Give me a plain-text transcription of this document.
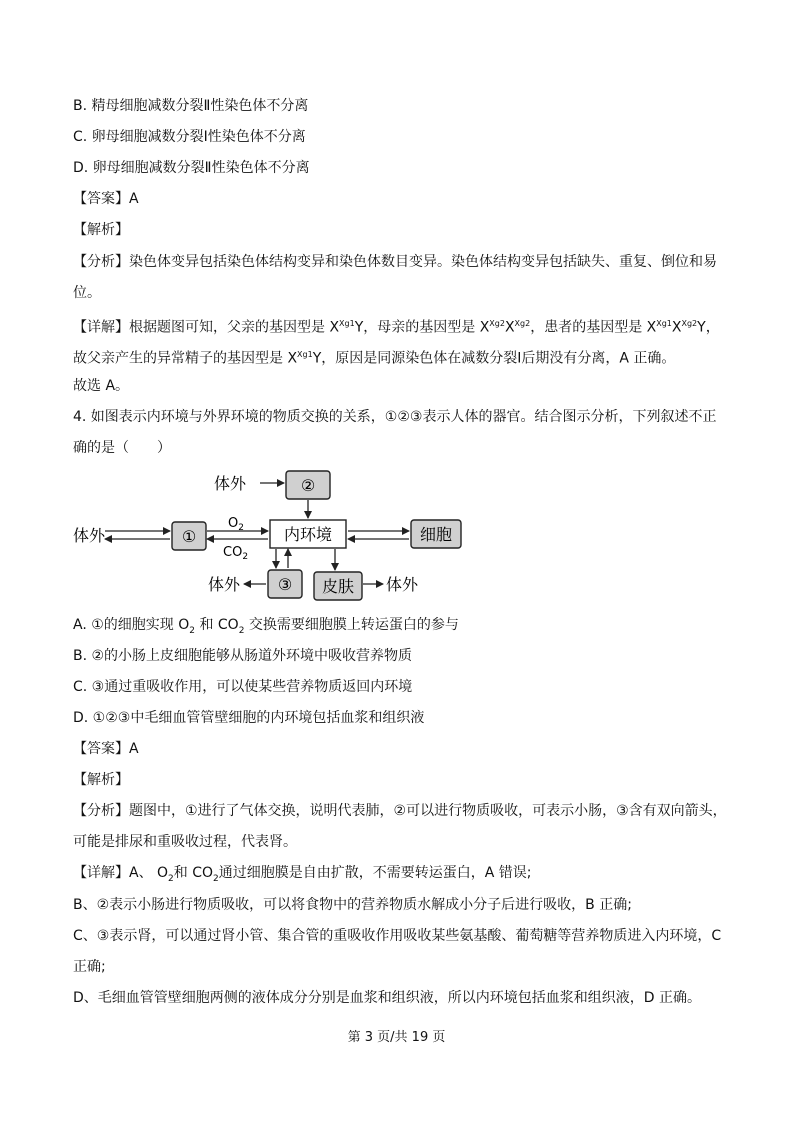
B. 精母细胞减数分裂Ⅱ性染色体不分离
C. 卵母细胞减数分裂Ⅰ性染色体不分离
D. 卵母细胞减数分裂Ⅱ性染色体不分离
【答案】A
【解析】
【分析】染色体变异包括染色体结构变异和染色体数目变异。染色体结构变异包括缺失、重复、倒位和易
位。
【详解】根据题图可知，父亲的基因型是 $X^{Xg1}Y$，母亲的基因型是 $X^{Xg2}X^{Xg2}$，患者的基因型是 $X^{Xg1}X^{Xg2}Y$，
故父亲产生的异常精子的基因型是 $X^{Xg1}Y$，原因是同源染色体在减数分裂Ⅰ后期没有分离，A 正确。
故选 A。
4. 如图表示内环境与外界环境的物质交换的关系，①②③表示人体的器官。结合图示分析，下列叙述不正
确的是（　　）
体外	②
体外	①
$O_2$
$CO_2$
内环境	细胞
体外 ③ 皮肤 体外
A. ①的细胞实现 $O_2$ 和 $CO_2$ 交换需要细胞膜上转运蛋白的参与
B. ②的小肠上皮细胞能够从肠道外环境中吸收营养物质
C. ③通过重吸收作用，可以使某些营养物质返回内环境
D. ①②③中毛细血管管壁细胞的内环境包括血浆和组织液
【答案】A
【解析】
【分析】题图中，①进行了气体交换，说明代表肺，②可以进行物质吸收，可表示小肠，③含有双向箭头，
可能是排尿和重吸收过程，代表肾。
【详解】A、 $O_2$和 $CO_2$通过细胞膜是自由扩散，不需要转运蛋白，A 错误;
B、②表示小肠进行物质吸收，可以将食物中的营养物质水解成小分子后进行吸收，B 正确;
C、③表示肾，可以通过肾小管、集合管的重吸收作用吸收某些氨基酸、葡萄糖等营养物质进入内环境，C
正确;
D、毛细血管管壁细胞两侧的液体成分分别是血浆和组织液，所以内环境包括血浆和组织液，D 正确。
第 3 页/共 19 页
